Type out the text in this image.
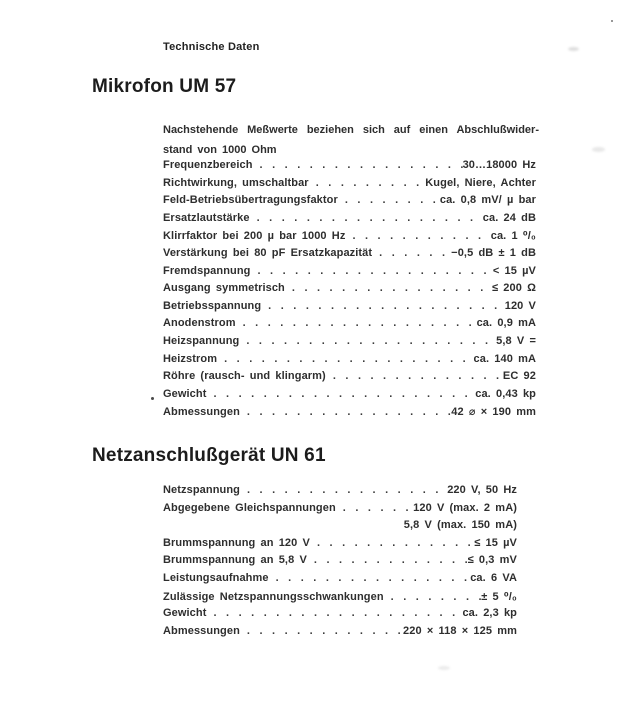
Technische Daten
Mikrofon UM 57
Nachstehende Meßwerte beziehen sich auf einen Abschlußwider-
stand von 1000 Ohm
Frequenzbereich .....	30…18000 Hz
Richtwirkung, umschaltbar .....	Kugel, Niere, Achter
Feld-Betriebsübertragungsfaktor .....	ca. 0,8 mV/ µ bar
Ersatzlautstärke .....	ca. 24 dB
Klirrfaktor bei 200 µ bar 1000 Hz .....	ca. 1 ⁰/₀
Verstärkung bei 80 pF Ersatzkapazität .....	−0,5 dB ± 1 dB
Fremdspannung .....	< 15 µV
Ausgang symmetrisch .....	≤ 200 Ω
Betriebsspannung .....	120 V
Anodenstrom .....	ca. 0,9 mA
Heizspannung .....	5,8 V =
Heizstrom .....	ca. 140 mA
Röhre (rausch- und klingarm) .....	EC 92
Gewicht .....	ca. 0,43 kp
Abmessungen .....	42 ⌀ × 190 mm
Netzanschlußgerät UN 61
Netzspannung .....	220 V, 50 Hz
Abgegebene Gleichspannungen .....	120 V (max. 2 mA)
5,8 V (max. 150 mA)
Brummspannung an 120 V .....	≤ 15 µV
Brummspannung an 5,8 V .....	≤ 0,3 mV
Leistungsaufnahme .....	ca. 6 VA
Zulässige Netzspannungsschwankungen .....	± 5 ⁰/₀
Gewicht .....	ca. 2,3 kp
Abmessungen .....	220 × 118 × 125 mm
